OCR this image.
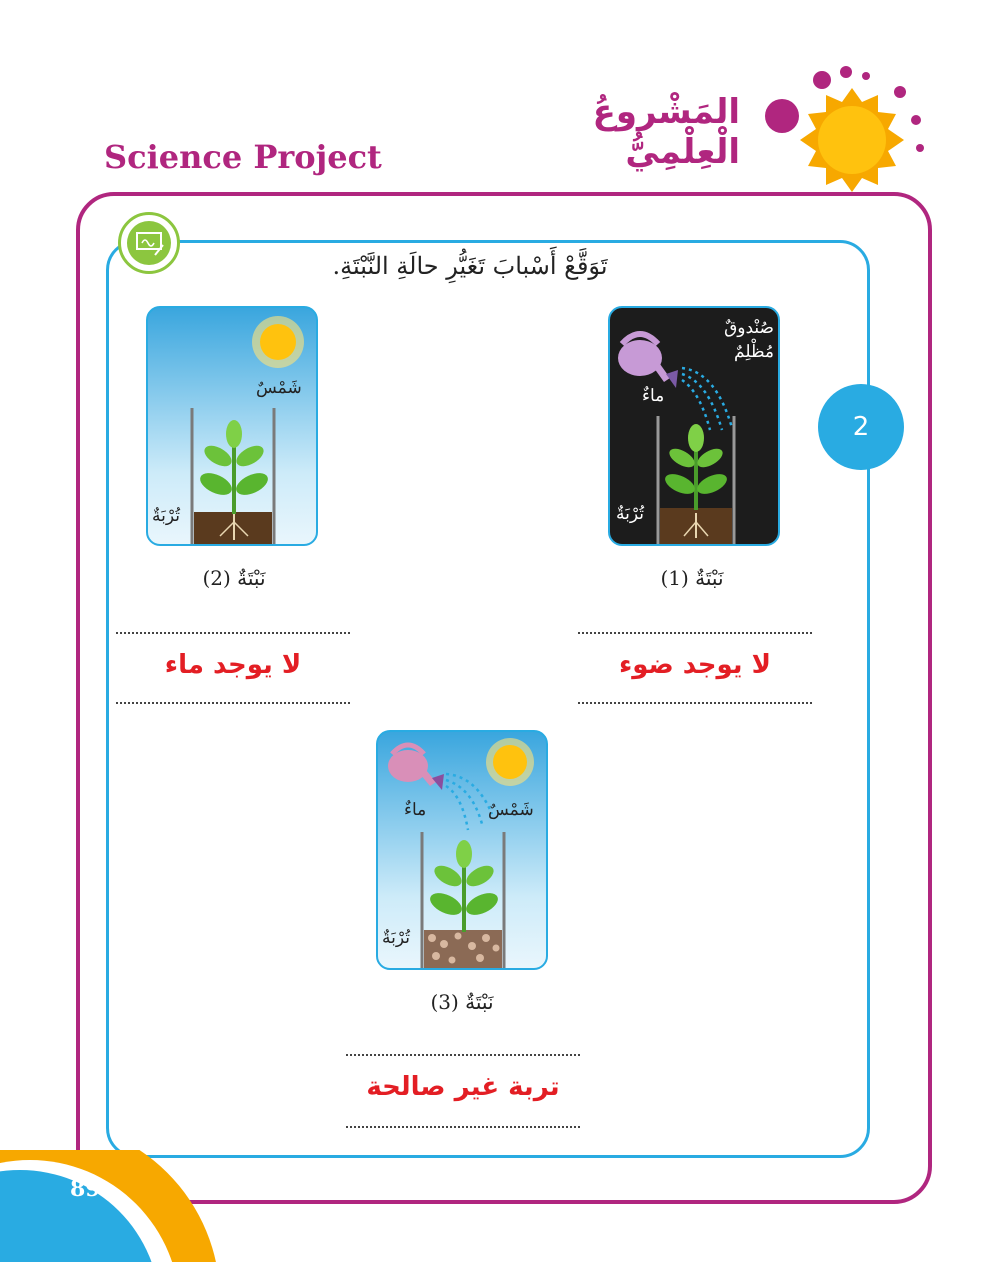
المَشْروعُ الْعِلْمِيُّ
Science Project
2
تَوَقَّعْ أَسْبابَ تَغَيُّرِ حالَةِ النَّبْتَةِ.
صُنْدوقٌ مُظْلِمٌ
ماءٌ
تُرْبَةٌ
نَبْتَةٌ (1)
شَمْسٌ
تُرْبَةٌ
نَبْتَةٌ (2)
لا يوجد ضوء
لا يوجد ماء
ماءٌ	شَمْسٌ
تُرْبَةٌ
نَبْتَةٌ (3)
تربة غير صالحة
89
